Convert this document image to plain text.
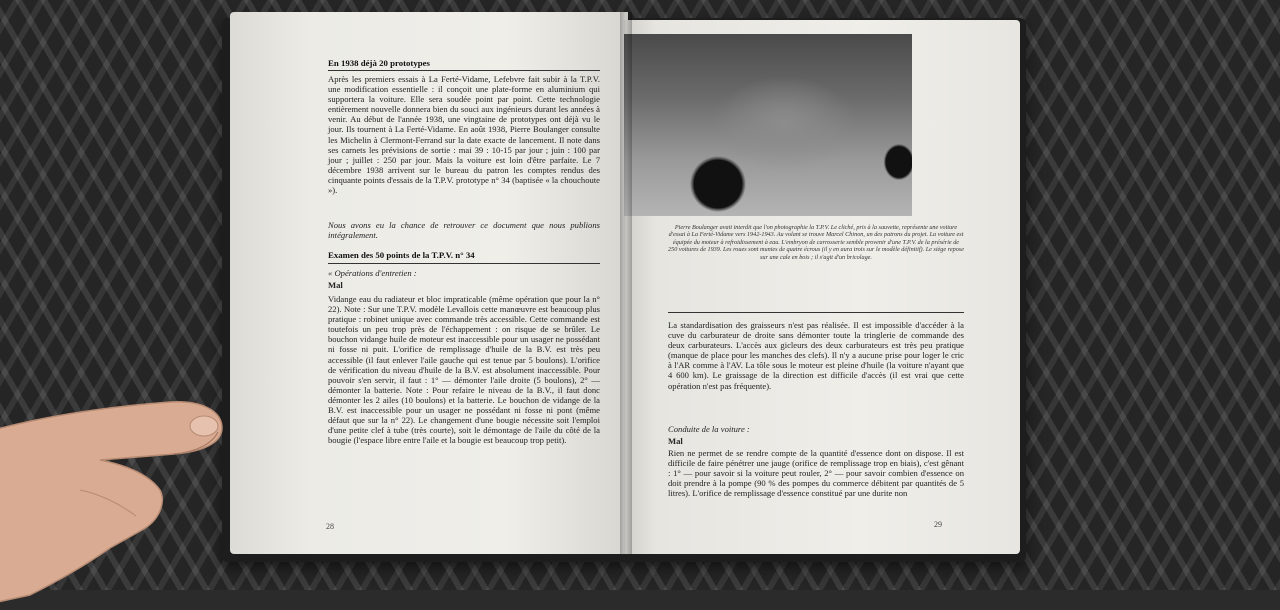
En 1938 déjà 20 prototypes
Après les premiers essais à La Ferté-Vidame, Lefebvre fait subir à la T.P.V. une modification essentielle : il conçoit une plate-forme en aluminium qui supportera la voiture. Elle sera soudée point par point. Cette technologie entièrement nouvelle donnera bien du souci aux ingénieurs durant les années à venir. Au début de l'année 1938, une vingtaine de prototypes ont déjà vu le jour. Ils tournent à La Ferté-Vidame. En août 1938, Pierre Boulanger consulte les Michelin à Clermont-Ferrand sur la date exacte de lancement. Il note dans ses carnets les prévisions de sortie : mai 39 : 10-15 par jour ; juin : 100 par jour ; juillet : 250 par jour. Mais la voiture est loin d'être parfaite. Le 7 décembre 1938 arrivent sur le bureau du patron les comptes rendus des cinquante points d'essais de la T.P.V. prototype n° 34 (baptisée « la chouchoute »).
Nous avons eu la chance de retrouver ce document que nous publions intégralement.
Examen des 50 points de la T.P.V. n° 34
« Opérations d'entretien :
Mal
Vidange eau du radiateur et bloc impraticable (même opération que pour la n° 22). Note : Sur une T.P.V. modèle Levallois cette manœuvre est beaucoup plus pratique : robinet unique avec commande très accessible. Cette commande est toutefois un peu trop près de l'échappement : on risque de se brûler. Le bouchon vidange huile de moteur est inaccessible pour un usager ne possédant ni fosse ni puit. L'orifice de remplissage d'huile de la B.V. est très peu accessible (il faut enlever l'aile gauche qui est tenue par 5 boulons). L'orifice de vérification du niveau d'huile de la B.V. est absolument inaccessible. Pour pouvoir s'en servir, il faut : 1° — démonter l'aile droite (5 boulons), 2° — démonter la batterie. Note : Pour refaire le niveau de la B.V., il faut donc démonter les 2 ailes (10 boulons) et la batterie. Le bouchon de vidange de la B.V. est inaccessible pour un usager ne possédant ni fosse ni pont (même défaut que sur la n° 22). Le changement d'une bougie nécessite soit l'emploi d'une petite clef à tube (très courte), soit le démontage de l'aile du côté de la bougie (l'espace libre entre l'aile et la bougie est beaucoup trop petit).
28
Pierre Boulanger avait interdit que l'on photographie la T.P.V. Le cliché, pris à la sauvette, représente une voiture d'essai à La Ferté-Vidame vers 1942-1943. Au volant se trouve Marcel Chinon, un des patrons du projet. La voiture est équipée du moteur à refroidissement à eau. L'embryon de carrosserie semble provenir d'une T.P.V. de la présérie de 250 voitures de 1939. Les roues sont munies de quatre écrous (il y en aura trois sur le modèle définitif). Le siège repose sur une cale en bois ; il s'agit d'un bricolage.
La standardisation des graisseurs n'est pas réalisée. Il est impossible d'accéder à la cuve du carburateur de droite sans démonter toute la tringlerie de commande des deux carburateurs. L'accès aux gicleurs des deux carburateurs est très peu pratique (manque de place pour les manches des clefs). Il n'y a aucune prise pour loger le cric à l'AR comme à l'AV. La tôle sous le moteur est pleine d'huile (la voiture n'ayant que 4 600 km). Le graissage de la direction est difficile d'accès (il est vrai que cette opération n'est pas fréquente).
Conduite de la voiture :
Mal
Rien ne permet de se rendre compte de la quantité d'essence dont on dispose. Il est difficile de faire pénétrer une jauge (orifice de remplissage trop en biais), c'est gênant : 1° — pour savoir si la voiture peut rouler, 2° — pour savoir combien d'essence on doit prendre à la pompe (90 % des pompes du commerce débitent par quantités de 5 litres). L'orifice de remplissage d'essence constitué par une durite non
29
